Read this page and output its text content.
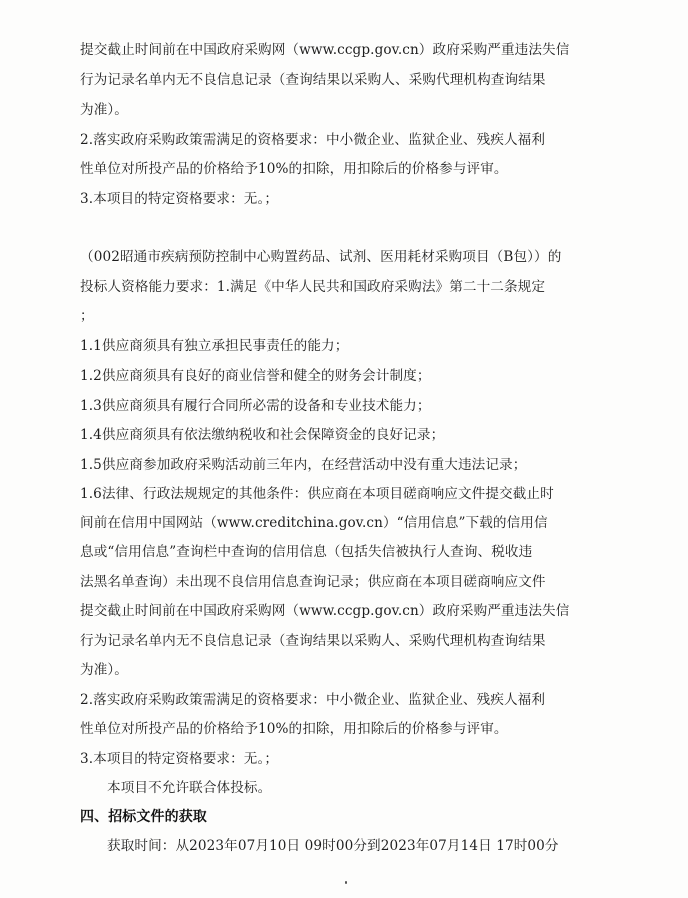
提交截止时间前在中国政府采购网（www.ccgp.gov.cn）政府采购严重违法失信
行为记录名单内无不良信息记录（查询结果以采购人、采购代理机构查询结果
为准）。
2.落实政府采购政策需满足的资格要求：中小微企业、监狱企业、残疾人福利
性单位对所投产品的价格给予10%的扣除，用扣除后的价格参与评审。
3.本项目的特定资格要求：无。；
（002昭通市疾病预防控制中心购置药品、试剂、医用耗材采购项目（B包））的
投标人资格能力要求：1.满足《中华人民共和国政府采购法》第二十二条规定
；
1.1供应商须具有独立承担民事责任的能力；
1.2供应商须具有良好的商业信誉和健全的财务会计制度；
1.3供应商须具有履行合同所必需的设备和专业技术能力；
1.4供应商须具有依法缴纳税收和社会保障资金的良好记录；
1.5供应商参加政府采购活动前三年内，在经营活动中没有重大违法记录；
1.6法律、行政法规规定的其他条件：供应商在本项目磋商响应文件提交截止时
间前在信用中国网站（www.creditchina.gov.cn）“信用信息”下载的信用信
息或“信用信息”查询栏中查询的信用信息（包括失信被执行人查询、税收违
法黑名单查询）未出现不良信用信息查询记录；供应商在本项目磋商响应文件
提交截止时间前在中国政府采购网（www.ccgp.gov.cn）政府采购严重违法失信
行为记录名单内无不良信息记录（查询结果以采购人、采购代理机构查询结果
为准）。
2.落实政府采购政策需满足的资格要求：中小微企业、监狱企业、残疾人福利
性单位对所投产品的价格给予10%的扣除，用扣除后的价格参与评审。
3.本项目的特定资格要求：无。；
本项目不允许联合体投标。
四、招标文件的获取
获取时间：从2023年07月10日 09时00分到2023年07月14日 17时00分
